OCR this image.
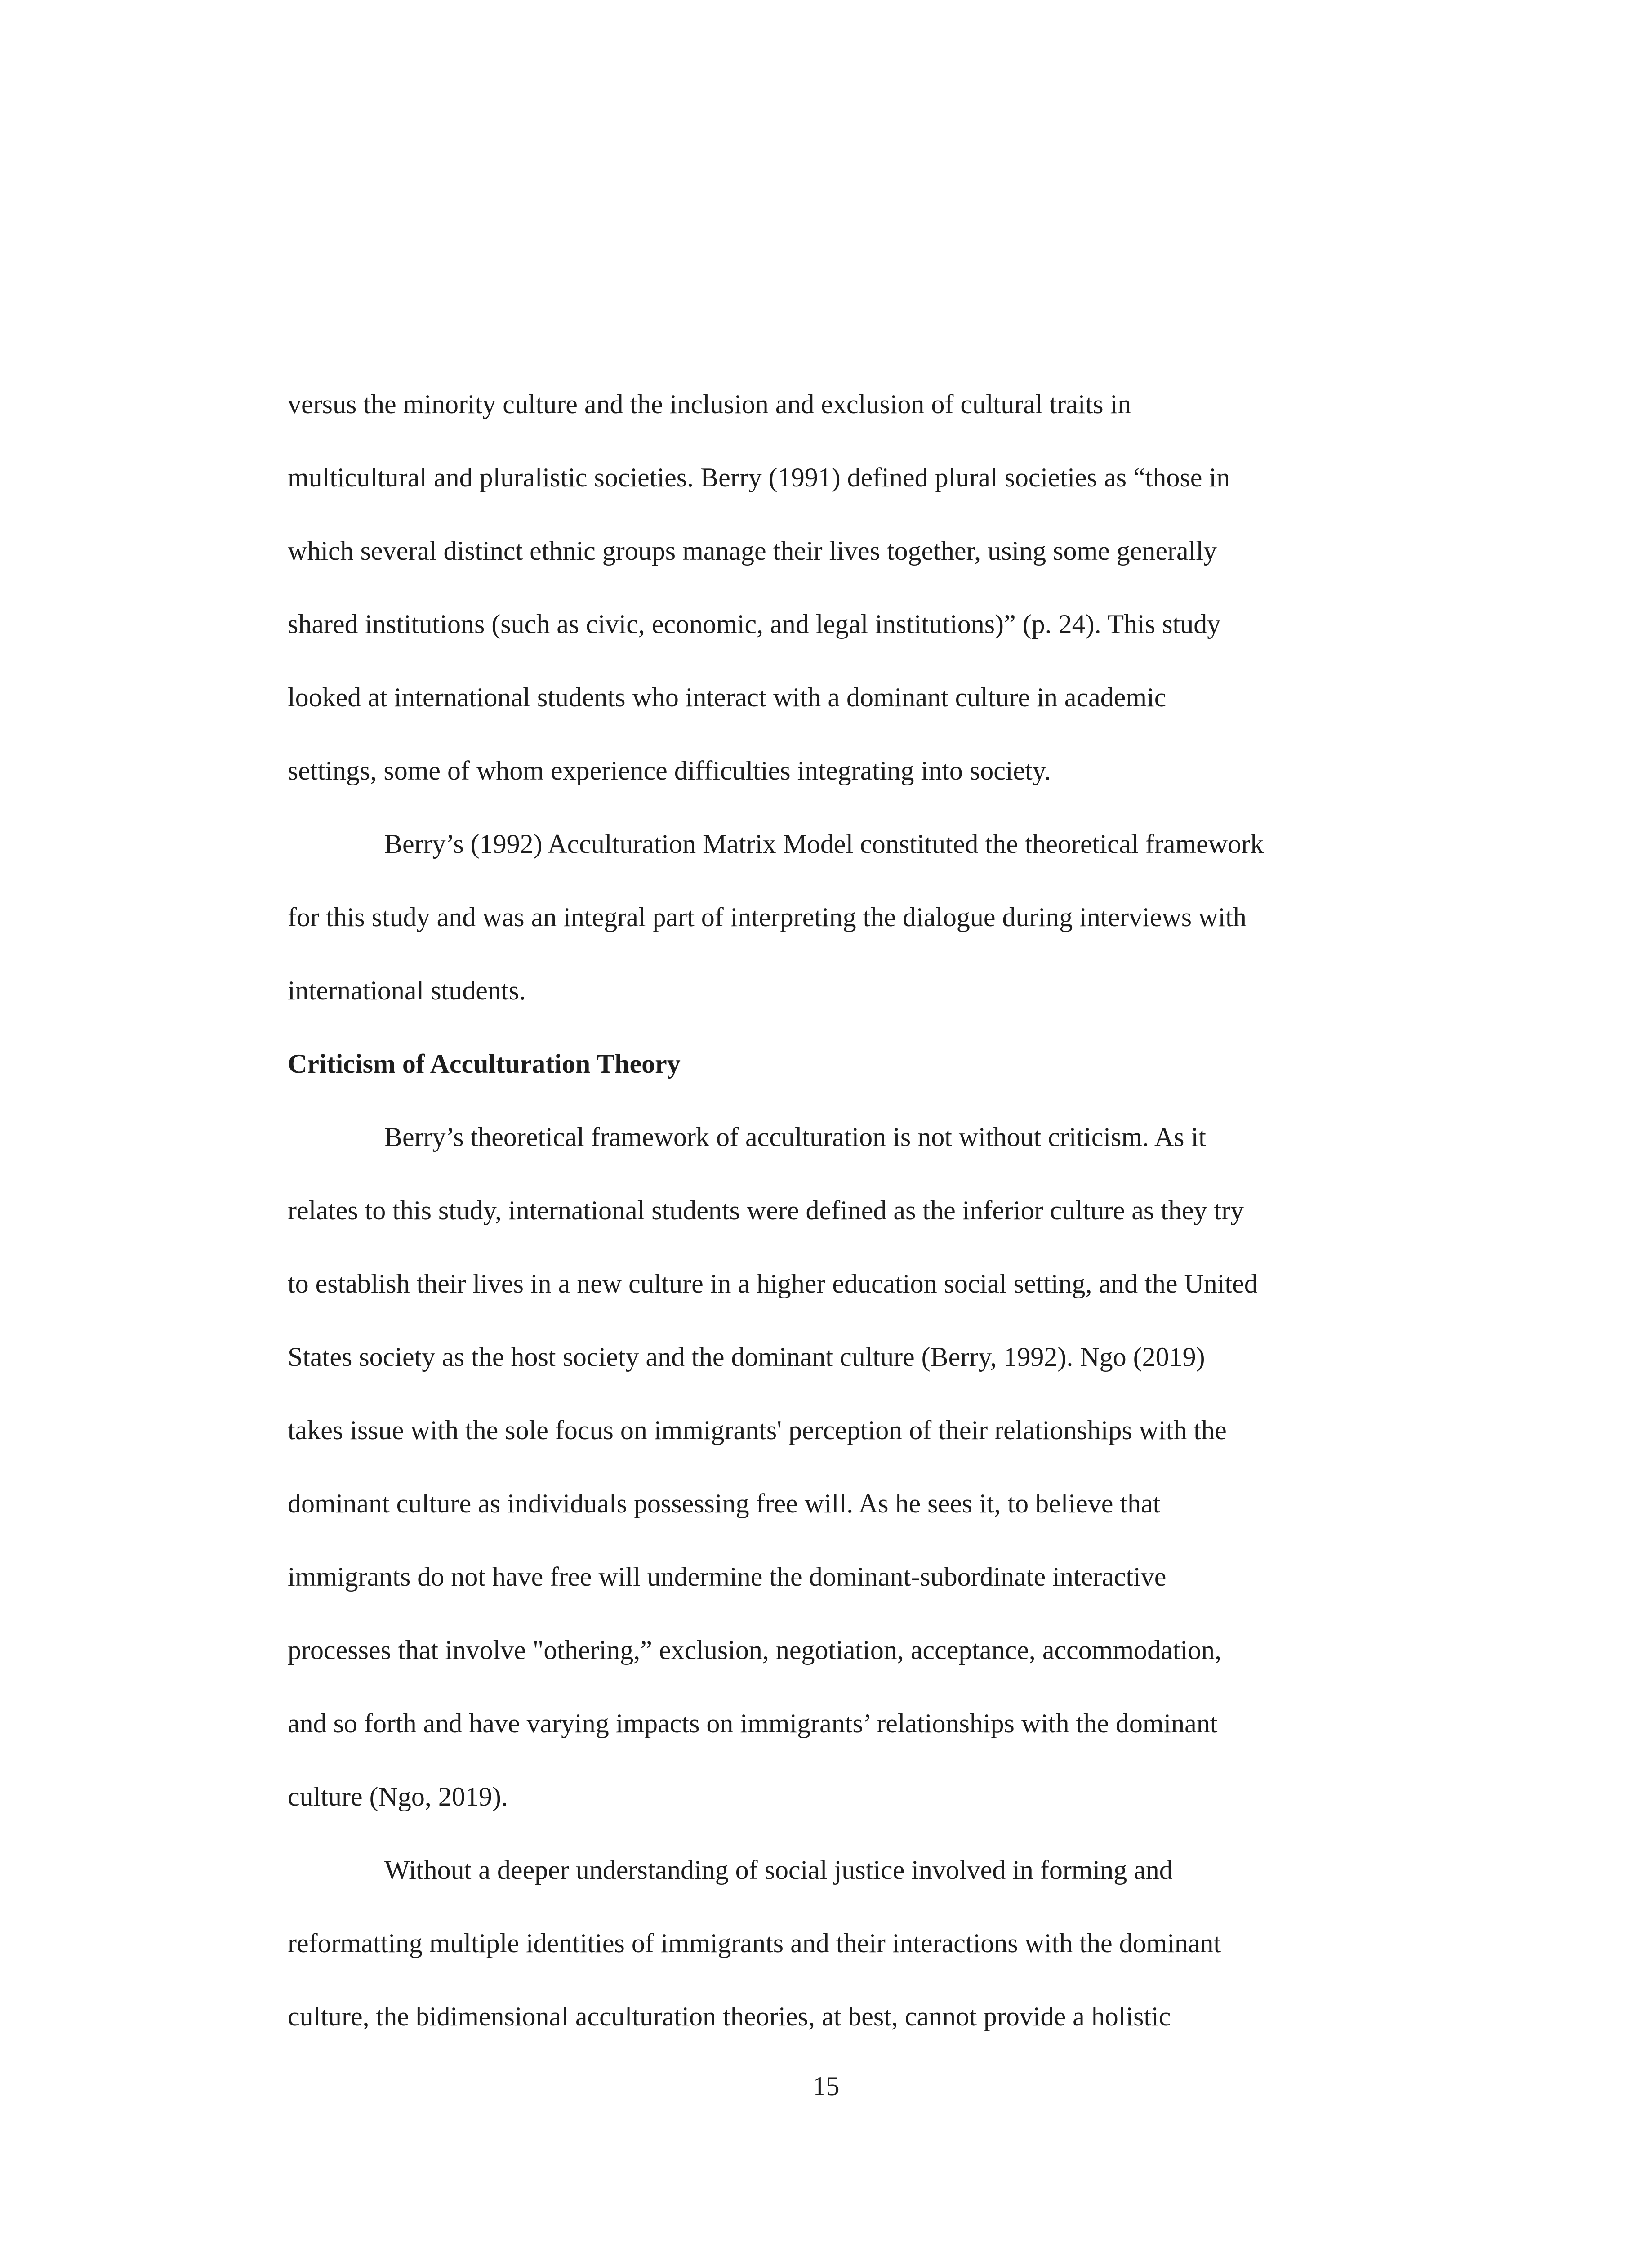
versus the minority culture and the inclusion and exclusion of cultural traits in
multicultural and pluralistic societies. Berry (1991) defined plural societies as “those in
which several distinct ethnic groups manage their lives together, using some generally
shared institutions (such as civic, economic, and legal institutions)” (p. 24). This study
looked at international students who interact with a dominant culture in academic
settings, some of whom experience difficulties integrating into society.
Berry’s (1992) Acculturation Matrix Model constituted the theoretical framework
for this study and was an integral part of interpreting the dialogue during interviews with
international students.
Criticism of Acculturation Theory
Berry’s theoretical framework of acculturation is not without criticism. As it
relates to this study, international students were defined as the inferior culture as they try
to establish their lives in a new culture in a higher education social setting, and the United
States society as the host society and the dominant culture (Berry, 1992). Ngo (2019)
takes issue with the sole focus on immigrants' perception of their relationships with the
dominant culture as individuals possessing free will. As he sees it, to believe that
immigrants do not have free will undermine the dominant-subordinate interactive
processes that involve "othering,” exclusion, negotiation, acceptance, accommodation,
and so forth and have varying impacts on immigrants’ relationships with the dominant
culture (Ngo, 2019).
Without a deeper understanding of social justice involved in forming and
reformatting multiple identities of immigrants and their interactions with the dominant
culture, the bidimensional acculturation theories, at best, cannot provide a holistic
15
